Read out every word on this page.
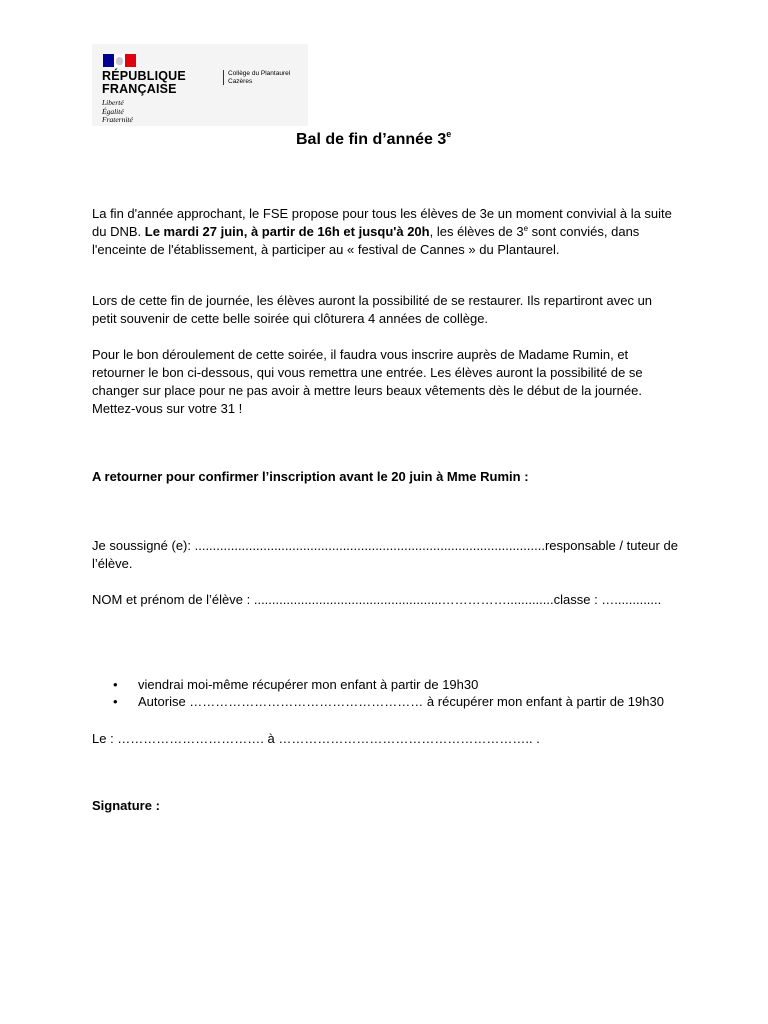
RÉPUBLIQUE
FRANÇAISE
Liberté
Égalité
Fraternité
Collège du Plantaurel
Cazères
Bal de fin d’année 3e
La fin d'année approchant, le FSE propose pour tous les élèves de 3e un moment convivial à la suite du DNB. Le mardi 27 juin, à partir de 16h et jusqu'à 20h, les élèves de 3e sont conviés, dans l'enceinte de l'établissement, à participer au « festival de Cannes » du Plantaurel.
Lors de cette fin de journée, les élèves auront la possibilité de se restaurer. Ils repartiront avec un petit souvenir de cette belle soirée qui clôturera 4 années de collège.
Pour le bon déroulement de cette soirée, il faudra vous inscrire auprès de Madame Rumin, et retourner le bon ci-dessous, qui vous remettra une entrée. Les élèves auront la possibilité de se changer sur place pour ne pas avoir à mettre leurs beaux vêtements dès le début de la journée. Mettez-vous sur votre 31 !
A retourner pour confirmer l’inscription avant le 20 juin à Mme Rumin :
Je soussigné (e): .................................................................................................responsable / tuteur de l’élève.
NOM et prénom de l’élève : ....................................................…………….............classe : ….............
• viendrai moi-même récupérer mon enfant à partir de 19h30
• Autorise ……………………………………………… à récupérer mon enfant à partir de 19h30
Le : ……………………………. à ………………………………………………….. .
Signature :
